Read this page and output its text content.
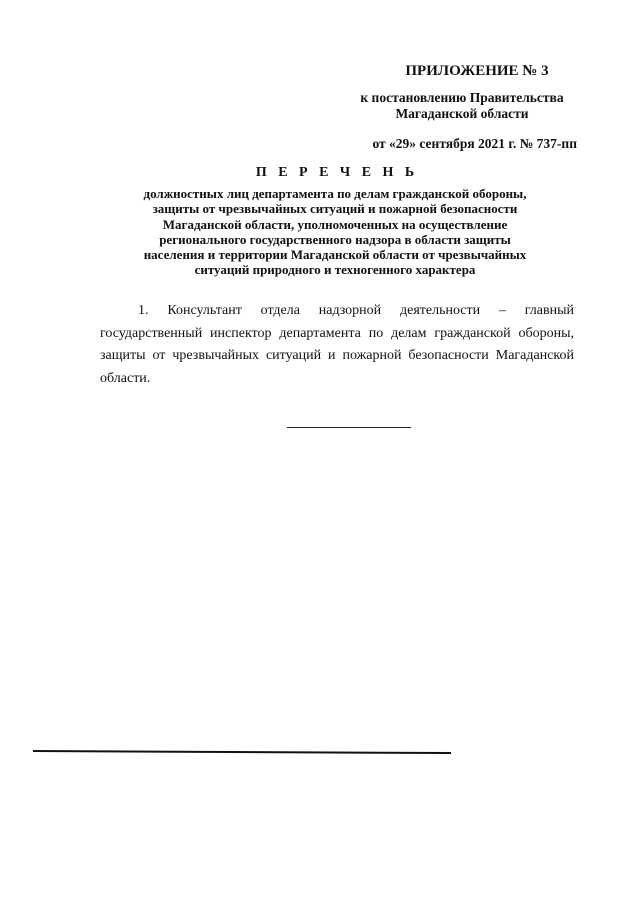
ПРИЛОЖЕНИЕ № 3
к постановлению Правительства
Магаданской области
от «29» сентября 2021 г. № 737-пп
П Е Р Е Ч Е Н Ь
должностных лиц департамента по делам гражданской обороны,
защиты от чрезвычайных ситуаций и пожарной безопасности
Магаданской области, уполномоченных на осуществление
регионального государственного надзора в области защиты
населения и территории Магаданской области от чрезвычайных
ситуаций природного и техногенного характера
1. Консультант отдела надзорной деятельности – главный
государственный инспектор департамента по делам гражданской обороны, защиты от чрезвычайных ситуаций и пожарной безопасности Магаданской области.
